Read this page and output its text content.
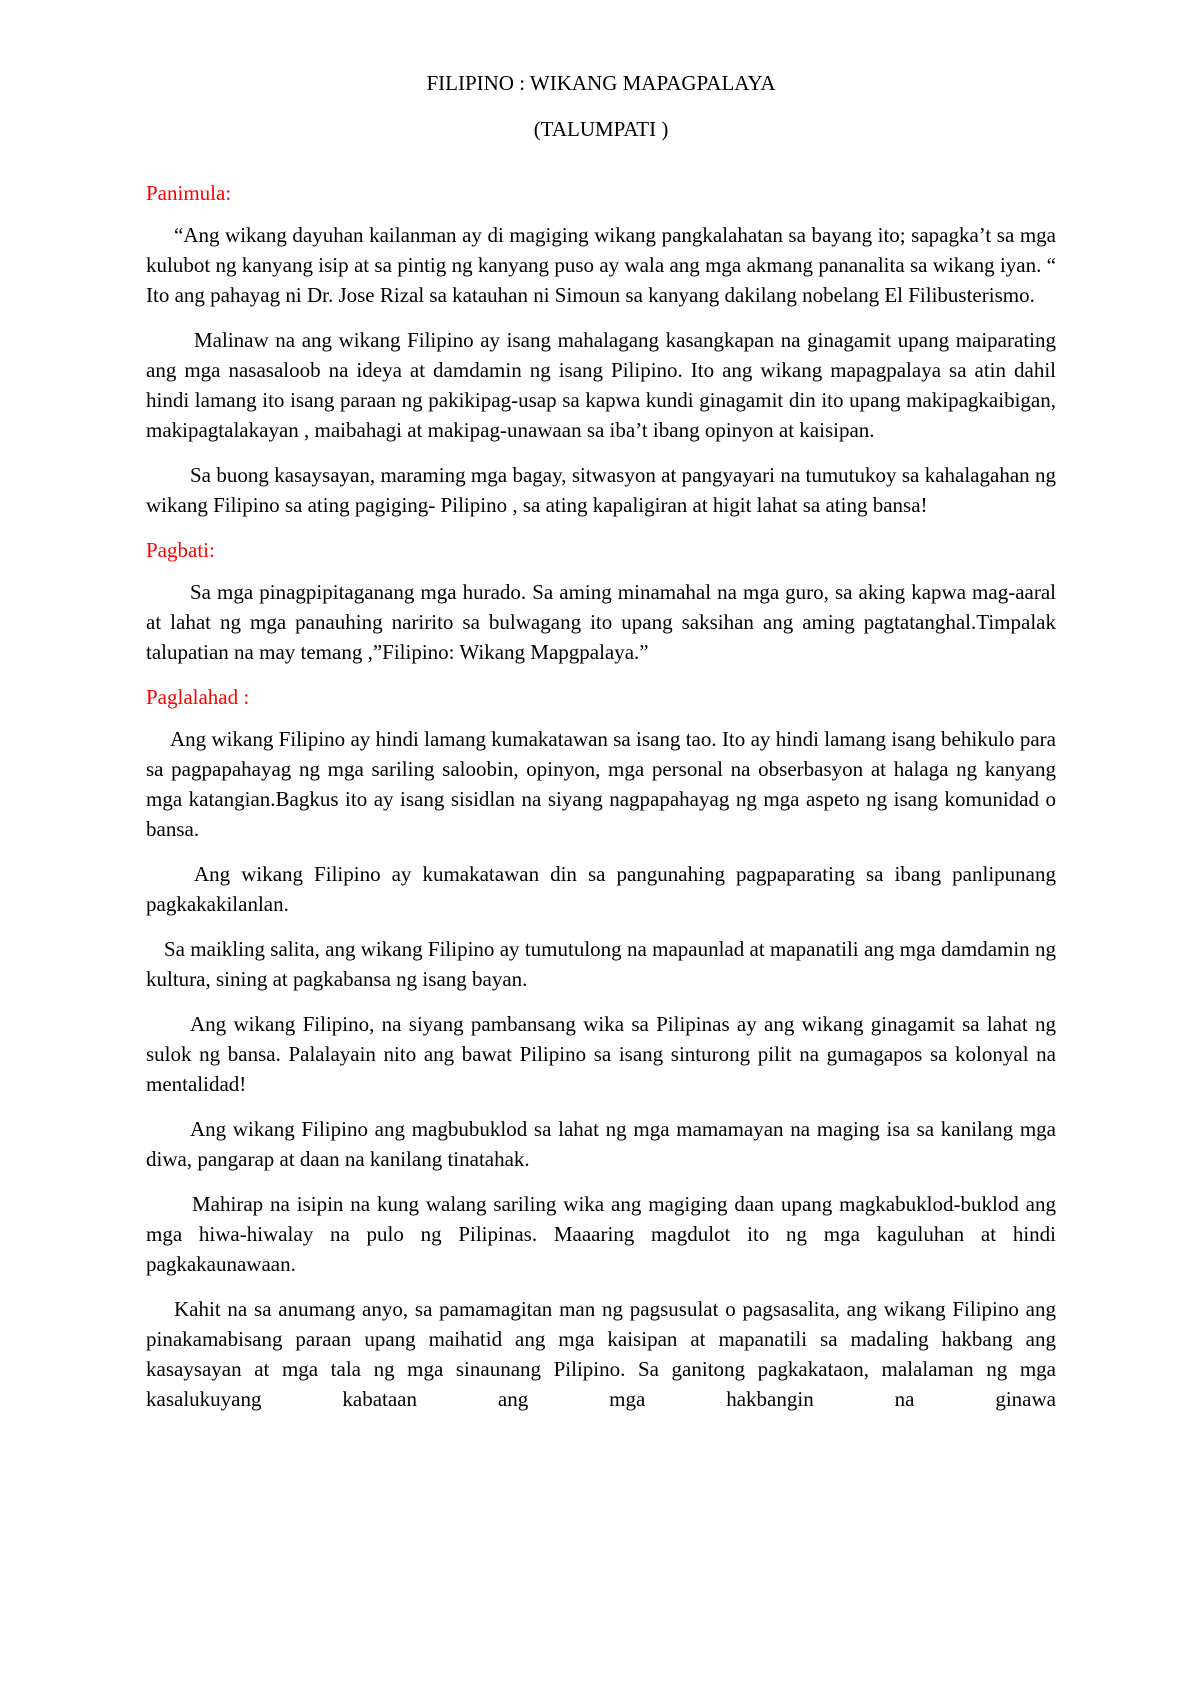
FILIPINO : WIKANG MAPAGPALAYA
(TALUMPATI )
Panimula:

“Ang wikang dayuhan kailanman ay di magiging wikang pangkalahatan sa bayang ito; sapagka’t sa mga kulubot ng kanyang isip at sa pintig ng kanyang puso ay wala ang mga akmang pananalita sa wikang iyan. “ Ito ang pahayag ni Dr. Jose Rizal sa katauhan ni Simoun sa kanyang dakilang nobelang El Filibusterismo.

Malinaw na ang wikang Filipino ay isang mahalagang kasangkapan na ginagamit upang maiparating ang mga nasasaloob na ideya at damdamin ng isang Pilipino. Ito ang wikang mapagpalaya sa atin dahil hindi lamang ito isang paraan ng pakikipag-usap sa kapwa kundi ginagamit din ito upang makipagkaibigan, makipagtalakayan , maibahagi at makipag-unawaan sa iba’t ibang opinyon at kaisipan.

Sa buong kasaysayan, maraming mga bagay, sitwasyon at pangyayari na tumutukoy sa kahalagahan ng wikang Filipino sa ating pagiging- Pilipino , sa ating kapaligiran at higit lahat sa ating bansa!

Pagbati:

Sa mga pinagpipitaganang mga hurado. Sa aming minamahal na mga guro, sa aking kapwa mag-aaral at lahat ng mga panauhing naririto sa bulwagang ito upang saksihan ang aming pagtatanghal.Timpalak talupatian na may temang ,”Filipino: Wikang Mapgpalaya.”

Paglalahad :

Ang wikang Filipino ay hindi lamang kumakatawan sa isang tao. Ito ay hindi lamang isang behikulo para sa pagpapahayag ng mga sariling saloobin, opinyon, mga personal na obserbasyon at halaga ng kanyang mga katangian.Bagkus ito ay isang sisidlan na siyang nagpapahayag ng mga aspeto ng isang komunidad o bansa.

Ang wikang Filipino ay kumakatawan din sa pangunahing pagpaparating sa ibang panlipunang pagkakakilanlan.

Sa maikling salita, ang wikang Filipino ay tumutulong na mapaunlad at mapanatili ang mga damdamin ng kultura, sining at pagkabansa ng isang bayan.

Ang wikang Filipino, na siyang pambansang wika sa Pilipinas ay ang wikang ginagamit sa lahat ng sulok ng bansa. Palalayain nito ang bawat Pilipino sa isang sinturong pilit na gumagapos sa kolonyal na mentalidad!

Ang wikang Filipino ang magbubuklod sa lahat ng mga mamamayan na maging isa sa kanilang mga diwa, pangarap at daan na kanilang tinatahak.

Mahirap na isipin na kung walang sariling wika ang magiging daan upang magkabuklod-buklod ang mga hiwa-hiwalay na pulo ng Pilipinas. Maaaring magdulot ito ng mga kaguluhan at hindi pagkakaunawaan.

Kahit na sa anumang anyo, sa pamamagitan man ng pagsusulat o pagsasalita, ang wikang Filipino ang pinakamabisang paraan upang maihatid ang mga kaisipan at mapanatili sa madaling hakbang ang kasaysayan at mga tala ng mga sinaunang Pilipino. Sa ganitong pagkakataon, malalaman ng mga kasalukuyang kabataan ang mga hakbangin na ginawa
